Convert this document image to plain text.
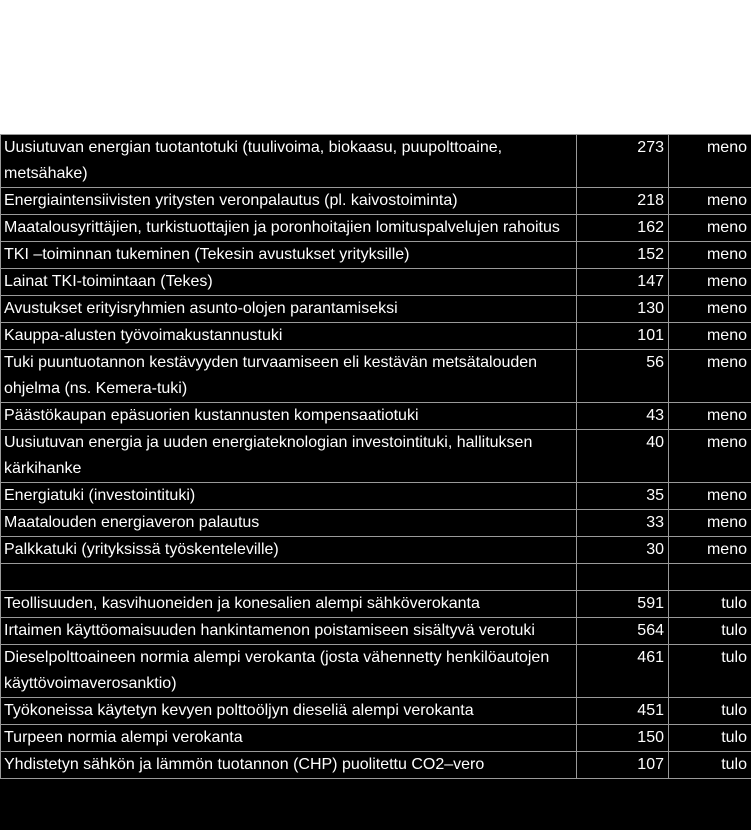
Uusiutuvan energian tuotantotuki (tuulivoima, biokaasu, puupolttoaine, metsähake)	273	meno
Energiaintensiivisten yritysten veronpalautus (pl. kaivostoiminta)	218	meno
Maatalousyrittäjien, turkistuottajien ja poronhoitajien lomituspalvelujen rahoitus	162	meno
TKI –toiminnan tukeminen (Tekesin avustukset yrityksille)	152	meno
Lainat TKI-toimintaan (Tekes)	147	meno
Avustukset erityisryhmien asunto-olojen parantamiseksi	130	meno
Kauppa-alusten työvoimakustannustuki	101	meno
Tuki puuntuotannon kestävyyden turvaamiseen eli kestävän metsätalouden ohjelma (ns. Kemera-tuki)	56	meno
Päästökaupan epäsuorien kustannusten kompensaatiotuki	43	meno
Uusiutuvan energia ja uuden energiateknologian investointituki, hallituksen kärkihanke	40	meno
Energiatuki (investointituki)	35	meno
Maatalouden energiaveron palautus	33	meno
Palkkatuki (yrityksissä työskenteleville)	30	meno

Teollisuuden, kasvihuoneiden ja konesalien alempi sähköverokanta	591	tulo
Irtaimen käyttöomaisuuden hankintamenon poistamiseen sisältyvä verotuki	564	tulo
Dieselpolttoaineen normia alempi verokanta (josta vähennetty henkilöautojen käyttövoimaverosanktio)	461	tulo
Työkoneissa käytetyn kevyen polttoöljyn dieseliä alempi verokanta	451	tulo
Turpeen normia alempi verokanta	150	tulo
Yhdistetyn sähkön ja lämmön tuotannon (CHP) puolitettu CO2–vero	107	tulo
